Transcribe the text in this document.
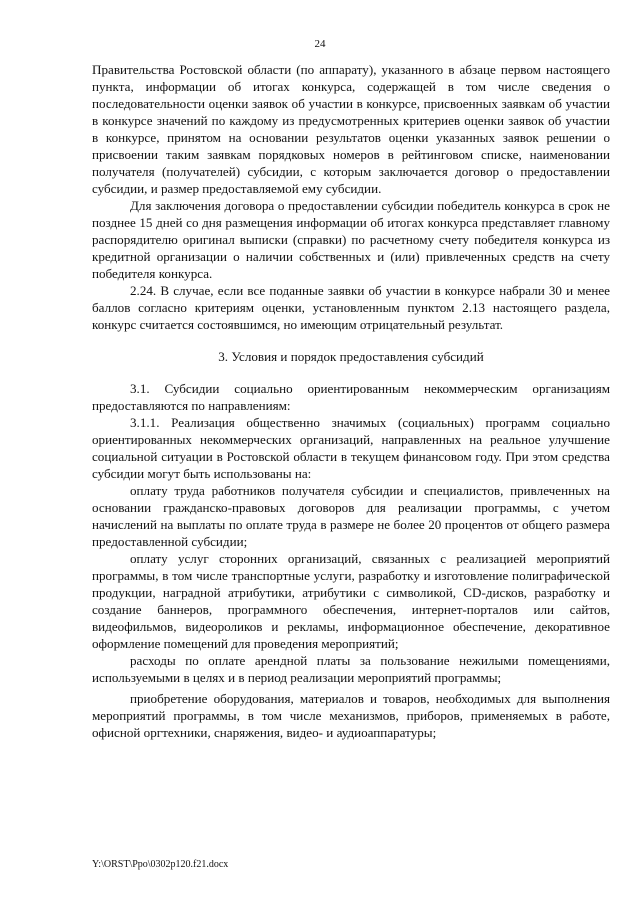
24

Правительства Ростовской области (по аппарату), указанного в абзаце первом настоящего пункта, информации об итогах конкурса, содержащей в том числе сведения о последовательности оценки заявок об участии в конкурсе, присвоенных заявкам об участии в конкурсе значений по каждому из предусмотренных критериев оценки заявок об участии в конкурсе, принятом на основании результатов оценки указанных заявок решении о присвоении таким заявкам порядковых номеров в рейтинговом списке, наименовании получателя (получателей) субсидии, с которым заключается договор о предоставлении субсидии, и размер предоставляемой ему субсидии.

Для заключения договора о предоставлении субсидии победитель конкурса в срок не позднее 15 дней со дня размещения информации об итогах конкурса представляет главному распорядителю оригинал выписки (справки) по расчетному счету победителя конкурса из кредитной организации о наличии собственных и (или) привлеченных средств на счету победителя конкурса.

2.24. В случае, если все поданные заявки об участии в конкурсе набрали 30 и менее баллов согласно критериям оценки, установленным пунктом 2.13 настоящего раздела, конкурс считается состоявшимся, но имеющим отрицательный результат.

3. Условия и порядок предоставления субсидий

3.1. Субсидии социально ориентированным некоммерческим организациям предоставляются по направлениям:

3.1.1. Реализация общественно значимых (социальных) программ социально ориентированных некоммерческих организаций, направленных на реальное улучшение социальной ситуации в Ростовской области в текущем финансовом году. При этом средства субсидии могут быть использованы на:

оплату труда работников получателя субсидии и специалистов, привлеченных на основании гражданско-правовых договоров для реализации программы, с учетом начислений на выплаты по оплате труда в размере не более 20 процентов от общего размера предоставленной субсидии;

оплату услуг сторонних организаций, связанных с реализацией мероприятий программы, в том числе транспортные услуги, разработку и изготовление полиграфической продукции, наградной атрибутики, атрибутики с символикой, CD-дисков, разработку и создание баннеров, программного обеспечения, интернет-порталов или сайтов, видеофильмов, видеороликов и рекламы, информационное обеспечение, декоративное оформление помещений для проведения мероприятий;

расходы по оплате арендной платы за пользование нежилыми помещениями, используемыми в целях и в период реализации мероприятий программы;

приобретение оборудования, материалов и товаров, необходимых для выполнения мероприятий программы, в том числе механизмов, приборов, применяемых в работе, офисной оргтехники, снаряжения, видео- и аудиоаппаратуры;

Y:\ORST\Ppo\0302p120.f21.docx
